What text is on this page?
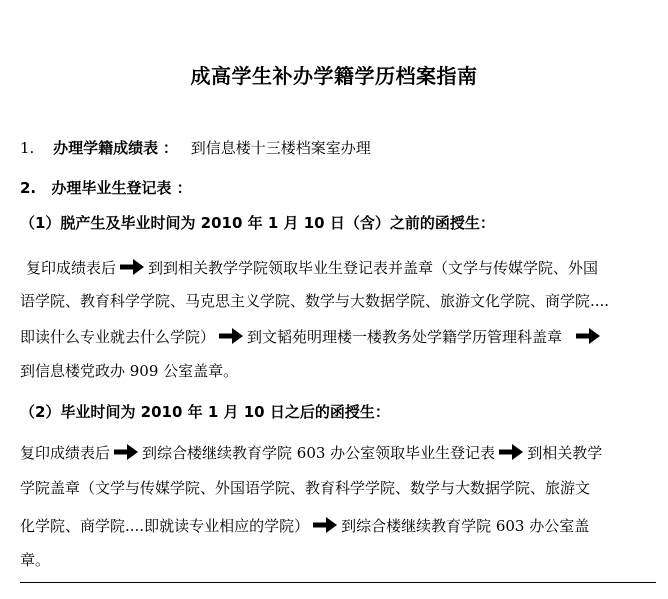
成高学生补办学籍学历档案指南
1. 办理学籍成绩表 ： 到信息楼十三楼档案室办理
2. 办理毕业生登记表 ：
（1）脱产生及毕业时间为 2010 年 1 月 10 日（含）之前的函授生：
复印成绩表后 到到相关教学学院领取毕业生登记表并盖章（文学与传媒学院、外国
语学院、教育科学学院、马克思主义学院、数学与大数据学院、旅游文化学院、商学院....
即读什么专业就去什么学院） 到文韬苑明理楼一楼教务处学籍学历管理科盖章
到信息楼党政办 909 公室盖章。
（2）毕业时间为 2010 年 1 月 10 日之后的函授生：
复印成绩表后 到综合楼继续教育学院 603 办公室领取毕业生登记表 到相关教学
学院盖章（文学与传媒学院、外国语学院、教育科学学院、数学与大数据学院、旅游文
化学院、商学院....即就读专业相应的学院） 到综合楼继续教育学院 603 办公室盖
章。
